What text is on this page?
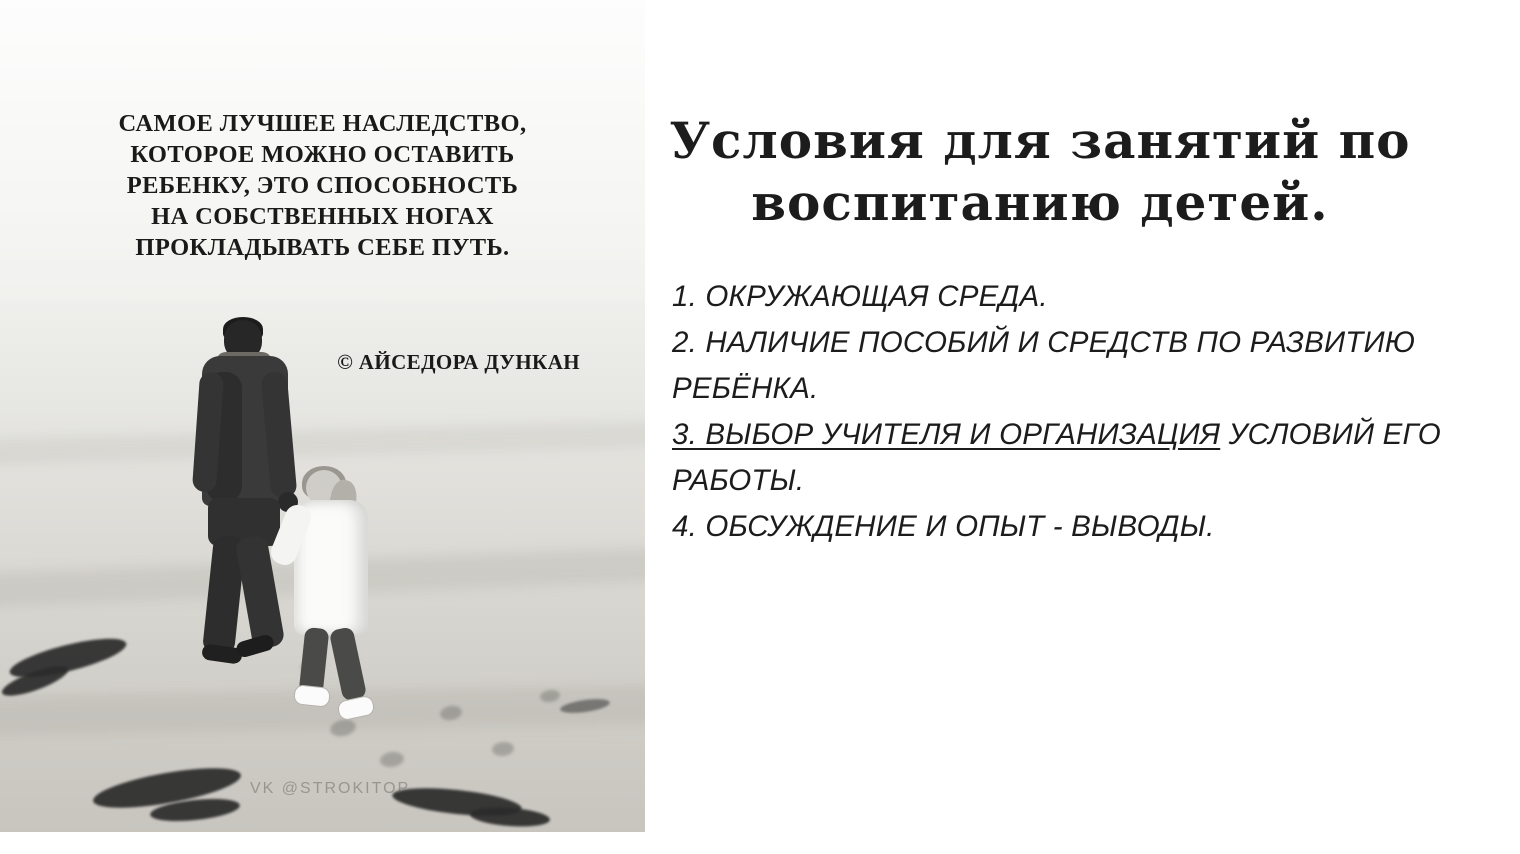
САМОЕ ЛУЧШЕЕ НАСЛЕДСТВО,
КОТОРОЕ МОЖНО ОСТАВИТЬ
РЕБЕНКУ, ЭТО СПОСОБНОСТЬ
НА СОБСТВЕННЫХ НОГАХ
ПРОКЛАДЫВАТЬ СЕБЕ ПУТЬ.
© АЙСЕДОРА ДУНКАН
VK @STROKITOP
Условия для занятий по воспитанию детей.
1. ОКРУЖАЮЩАЯ СРЕДА.
2. НАЛИЧИЕ ПОСОБИЙ И СРЕДСТВ ПО РАЗВИТИЮ РЕБЁНКА.
3. ВЫБОР УЧИТЕЛЯ И ОРГАНИЗАЦИЯ УСЛОВИЙ ЕГО РАБОТЫ.
4. ОБСУЖДЕНИЕ И ОПЫТ - ВЫВОДЫ.
